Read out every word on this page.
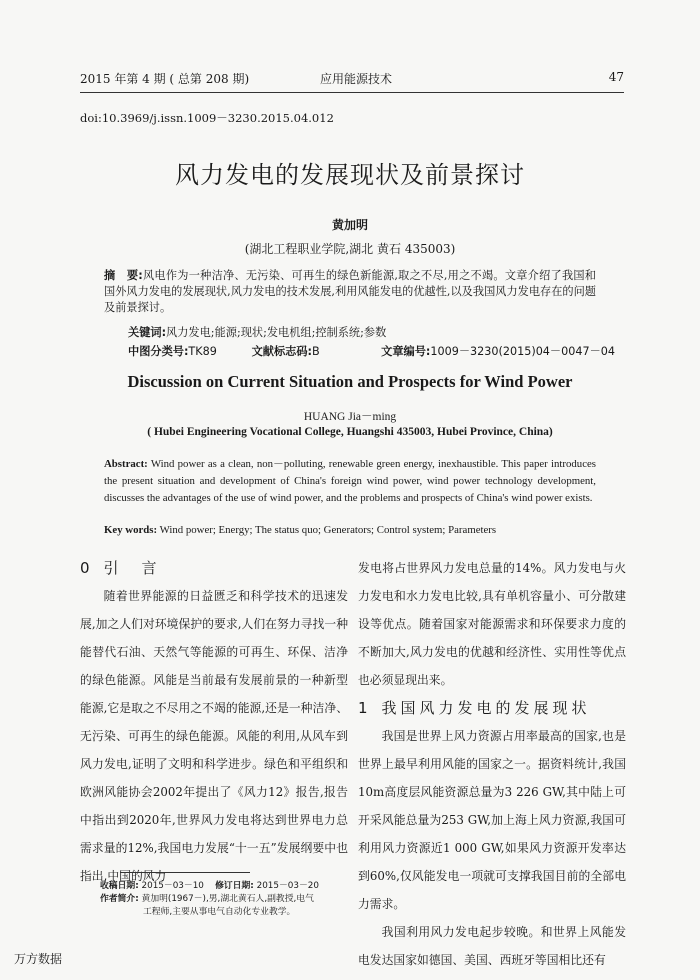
2015 年第 4 期 ( 总第 208 期)	应用能源技术	47
doi:10.3969/j.issn.1009－3230.2015.04.012
风力发电的发展现状及前景探讨
黄加明
(湖北工程职业学院,湖北 黄石 435003)
摘　要:风电作为一种洁净、无污染、可再生的绿色新能源,取之不尽,用之不竭。文章介绍了我国和国外风力发电的发展现状,风力发电的技术发展,利用风能发电的优越性,以及我国风力发电存在的问题及前景探讨。
关键词:风力发电;能源;现状;发电机组;控制系统;参数
中图分类号:TK89	文献标志码:B	文章编号:1009－3230(2015)04－0047－04
Discussion on Current Situation and Prospects for Wind Power
HUANG Jia－ming
( Hubei Engineering Vocational College, Huangshi 435003, Hubei Province, China)
Abstract: Wind power as a clean, non－polluting, renewable green energy, inexhaustible. This paper introduces the present situation and development of China's foreign wind power, wind power technology development, discusses the advantages of the use of wind power, and the problems and prospects of China's wind power exists.
Key words: Wind power; Energy; The status quo; Generators; Control system; Parameters
0 引　言

随着世界能源的日益匮乏和科学技术的迅速发展,加之人们对环境保护的要求,人们在努力寻找一种能替代石油、天然气等能源的可再生、环保、洁净的绿色能源。风能是当前最有发展前景的一种新型能源,它是取之不尽用之不竭的能源,还是一种洁净、无污染、可再生的绿色能源。风能的利用,从风车到风力发电,证明了文明和科学进步。绿色和平组织和欧洲风能协会2002年提出了《风力12》报告,报告中指出到2020年,世界风力发电将达到世界电力总需求量的12%,我国电力发展“十一五”发展纲要中也指出,中国的风力

发电将占世界风力发电总量的14%。风力发电与火力发电和水力发电比较,具有单机容量小、可分散建设等优点。随着国家对能源需求和环保要求力度的不断加大,风力发电的优越和经济性、实用性等优点也必须显现出来。

1 我国风力发电的发展现状

我国是世界上风力资源占用率最高的国家,也是世界上最早利用风能的国家之一。据资料统计,我国10m高度层风能资源总量为3 226 GW,其中陆上可开采风能总量为253 GW,加上海上风力资源,我国可利用风力资源近1 000 GW,如果风力资源开发率达到60%,仅风能发电一项就可支撑我国目前的全部电力需求。

我国利用风力发电起步较晚。和世界上风能发电发达国家如德国、美国、西班牙等国相比还有

收稿日期: 2015－03－10 修订日期: 2015－03－20
作者简介: 黄加明(1967－),男,湖北黄石人,副教授,电气
工程师,主要从事电气自动化专业教学。
万方数据
